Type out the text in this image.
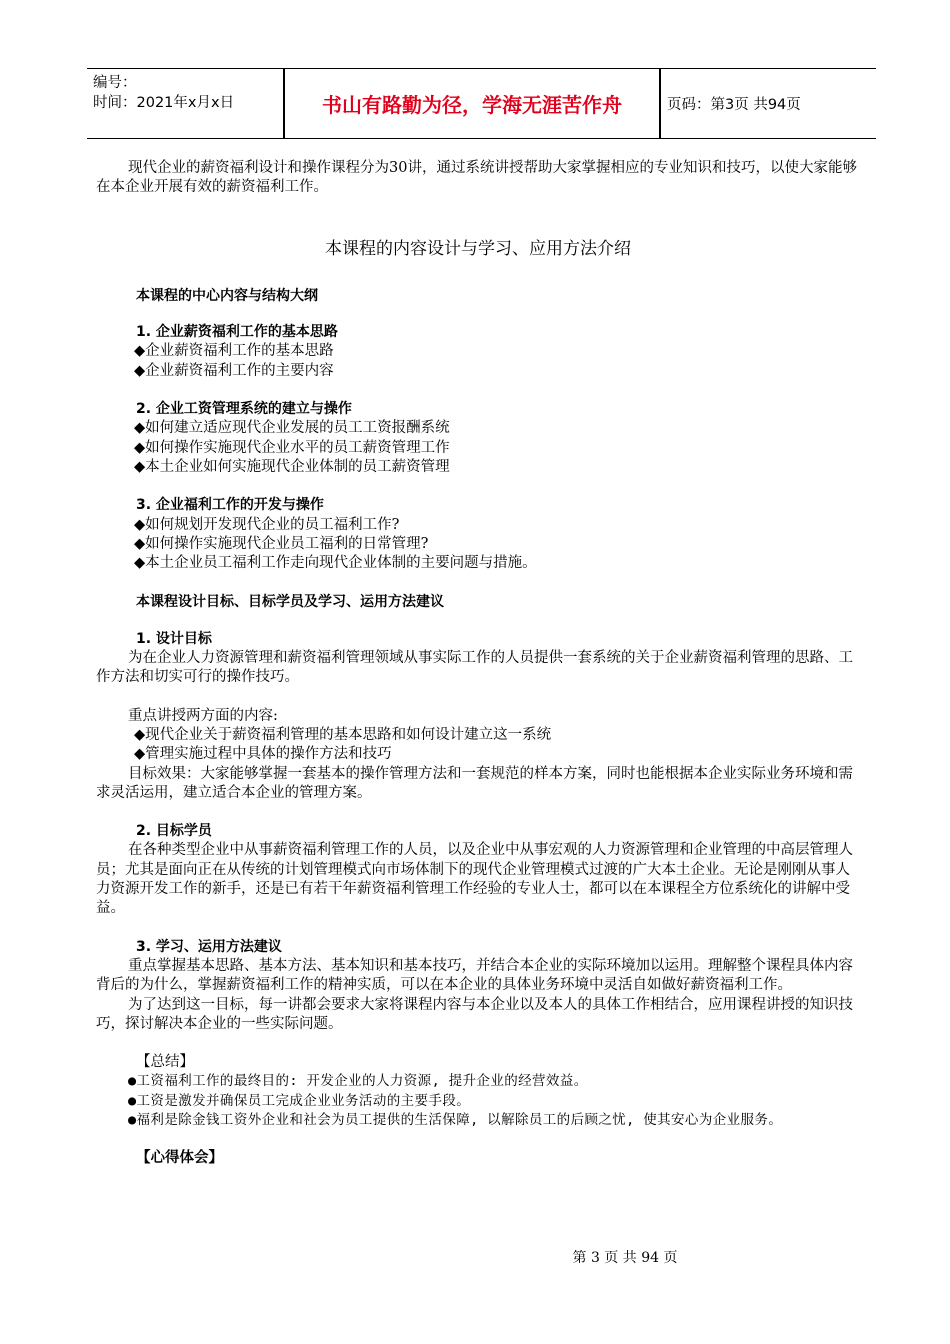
编号：
时间：2021年x月x日	书山有路勤为径，学海无涯苦作舟	页码：第3页 共94页

现代企业的薪资福利设计和操作课程分为30讲，通过系统讲授帮助大家掌握相应的专业知识和技巧，以使大家能够在本企业开展有效的薪资福利工作。

本课程的内容设计与学习、应用方法介绍

本课程的中心内容与结构大纲

1. 企业薪资福利工作的基本思路

◆企业薪资福利工作的基本思路

◆企业薪资福利工作的主要内容

2. 企业工资管理系统的建立与操作

◆如何建立适应现代企业发展的员工工资报酬系统

◆如何操作实施现代企业水平的员工薪资管理工作

◆本土企业如何实施现代企业体制的员工薪资管理

3. 企业福利工作的开发与操作

◆如何规划开发现代企业的员工福利工作?

◆如何操作实施现代企业员工福利的日常管理?

◆本土企业员工福利工作走向现代企业体制的主要问题与措施。

本课程设计目标、目标学员及学习、运用方法建议

1. 设计目标

为在企业人力资源管理和薪资福利管理领域从事实际工作的人员提供一套系统的关于企业薪资福利管理的思路、工作方法和切实可行的操作技巧。

重点讲授两方面的内容:

◆现代企业关于薪资福利管理的基本思路和如何设计建立这一系统

◆管理实施过程中具体的操作方法和技巧

目标效果：大家能够掌握一套基本的操作管理方法和一套规范的样本方案，同时也能根据本企业实际业务环境和需求灵活运用，建立适合本企业的管理方案。

2. 目标学员

在各种类型企业中从事薪资福利管理工作的人员，以及企业中从事宏观的人力资源管理和企业管理的中高层管理人员；尤其是面向正在从传统的计划管理模式向市场体制下的现代企业管理模式过渡的广大本土企业。无论是刚刚从事人力资源开发工作的新手，还是已有若干年薪资福利管理工作经验的专业人士，都可以在本课程全方位系统化的讲解中受益。

3. 学习、运用方法建议

重点掌握基本思路、基本方法、基本知识和基本技巧，并结合本企业的实际环境加以运用。理解整个课程具体内容背后的为什么，掌握薪资福利工作的精神实质，可以在本企业的具体业务环境中灵活自如做好薪资福利工作。

为了达到这一目标，每一讲都会要求大家将课程内容与本企业以及本人的具体工作相结合，应用课程讲授的知识技巧，探讨解决本企业的一些实际问题。

【总结】

●工资福利工作的最终目的: 开发企业的人力资源, 提升企业的经营效益。

●工资是激发并确保员工完成企业业务活动的主要手段。

●福利是除金钱工资外企业和社会为员工提供的生活保障, 以解除员工的后顾之忧, 使其安心为企业服务。

【心得体会】

第 3 页 共 94 页
